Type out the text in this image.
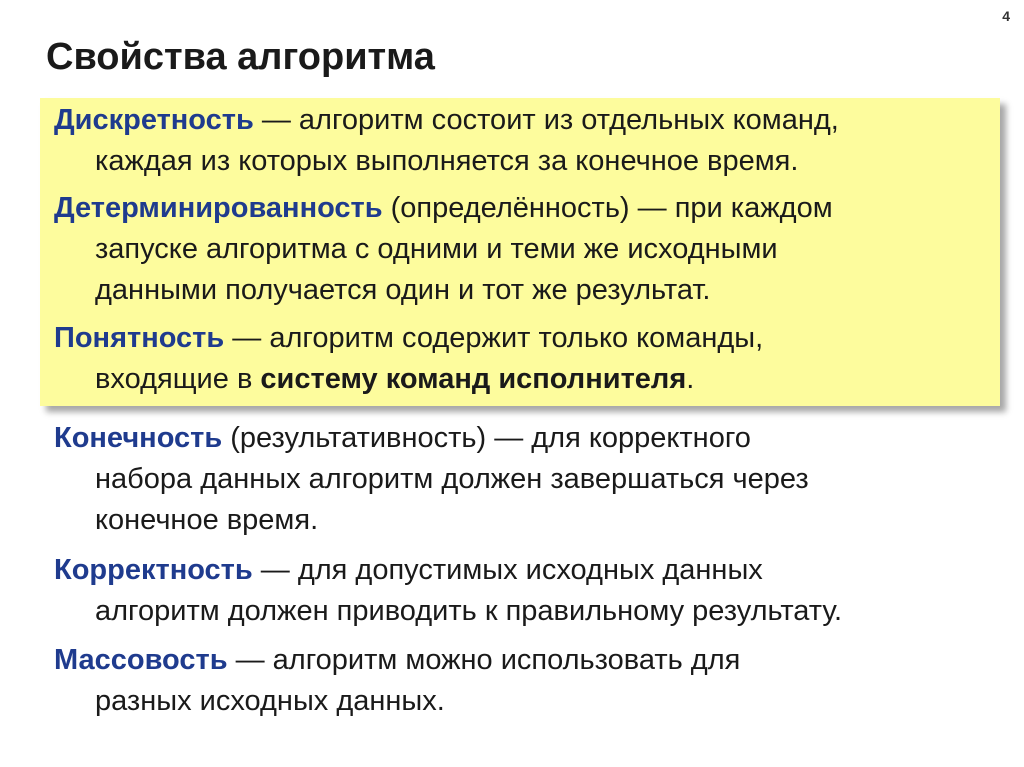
4
Свойства алгоритма

Дискретность — алгоритм состоит из отдельных команд,
каждая из которых выполняется за конечное время.

Детерминированность (определённость) — при каждом
запуске алгоритма с одними и теми же исходными
данными получается один и тот же результат.

Понятность — алгоритм содержит только команды,
входящие в систему команд исполнителя.

Конечность (результативность) — для корректного
набора данных алгоритм должен завершаться через
конечное время.

Корректность — для допустимых исходных данных
алгоритм должен приводить к правильному результату.

Массовость — алгоритм можно использовать для
разных исходных данных.
